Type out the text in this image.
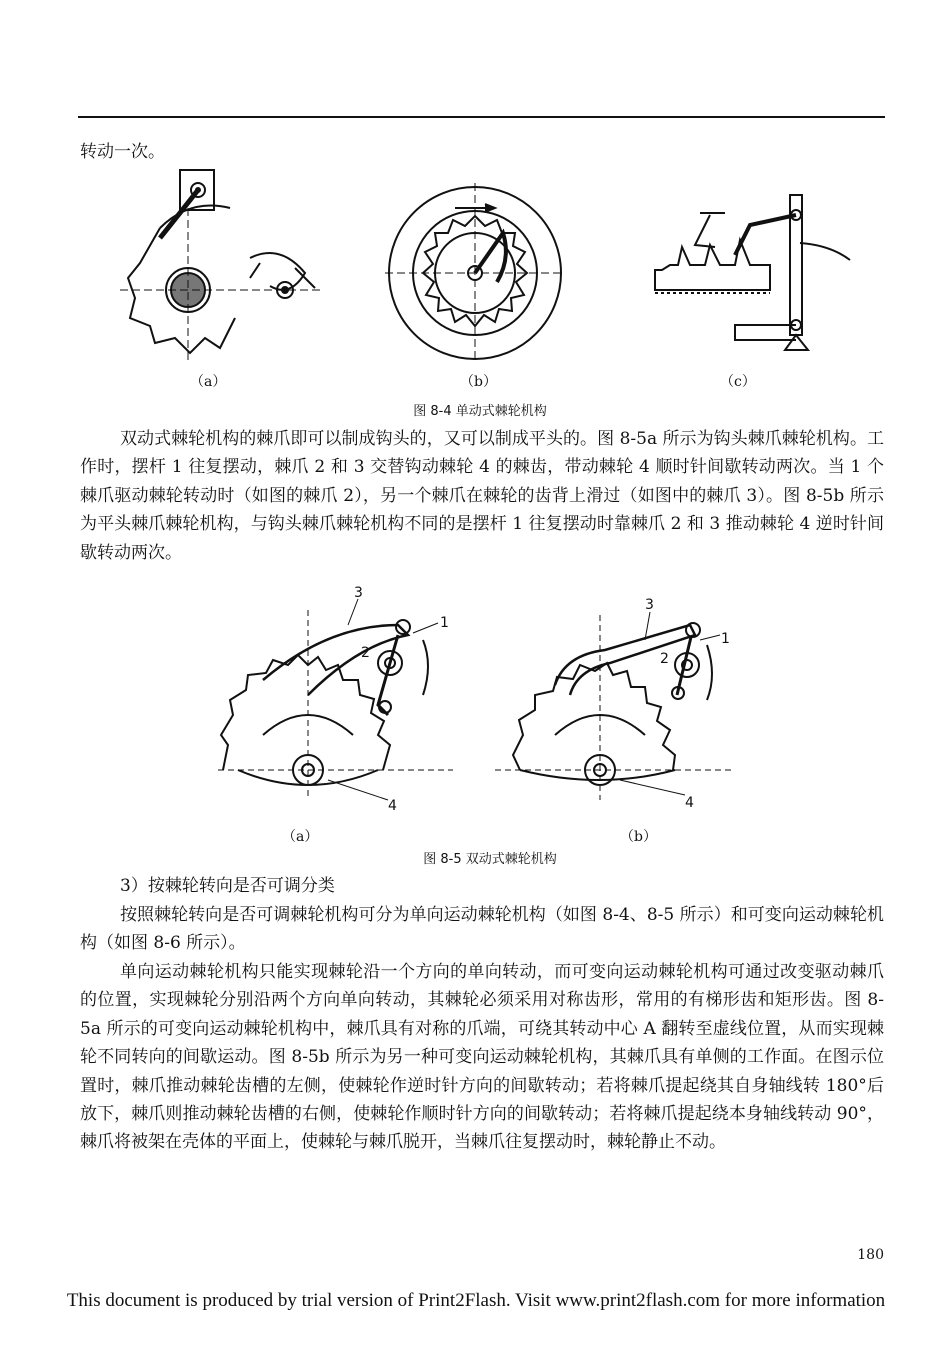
转动一次。

（a）	（b）	（c）
图 8-4 单动式棘轮机构

双动式棘轮机构的棘爪即可以制成钩头的，又可以制成平头的。图 8-5a 所示为钩头棘爪棘轮机构。工作时，摆杆 1 往复摆动，棘爪 2 和 3 交替钩动棘轮 4 的棘齿，带动棘轮 4 顺时针间歇转动两次。当 1 个棘爪驱动棘轮转动时（如图的棘爪 2），另一个棘爪在棘轮的齿背上滑过（如图中的棘爪 3）。图 8-5b 所示为平头棘爪棘轮机构，与钩头棘爪棘轮机构不同的是摆杆 1 往复摆动时靠棘爪 2 和 3 推动棘轮 4 逆时针间歇转动两次。

3
1
2
4
（a）
3
1
2
4
（b）
图 8-5 双动式棘轮机构

3）按棘轮转向是否可调分类

按照棘轮转向是否可调棘轮机构可分为单向运动棘轮机构（如图 8-4、8-5 所示）和可变向运动棘轮机构（如图 8-6 所示）。

单向运动棘轮机构只能实现棘轮沿一个方向的单向转动，而可变向运动棘轮机构可通过改变驱动棘爪的位置，实现棘轮分别沿两个方向单向转动，其棘轮必须采用对称齿形，常用的有梯形齿和矩形齿。图 8-5a 所示的可变向运动棘轮机构中，棘爪具有对称的爪端，可绕其转动中心 A 翻转至虚线位置，从而实现棘轮不同转向的间歇运动。图 8-5b 所示为另一种可变向运动棘轮机构，其棘爪具有单侧的工作面。在图示位置时，棘爪推动棘轮齿槽的左侧，使棘轮作逆时针方向的间歇转动；若将棘爪提起绕其自身轴线转 180°后放下，棘爪则推动棘轮齿槽的右侧，使棘轮作顺时针方向的间歇转动；若将棘爪提起绕本身轴线转动 90°，棘爪将被架在壳体的平面上，使棘轮与棘爪脱开，当棘爪往复摆动时，棘轮静止不动。

180
This document is produced by trial version of Print2Flash. Visit www.print2flash.com for more information
